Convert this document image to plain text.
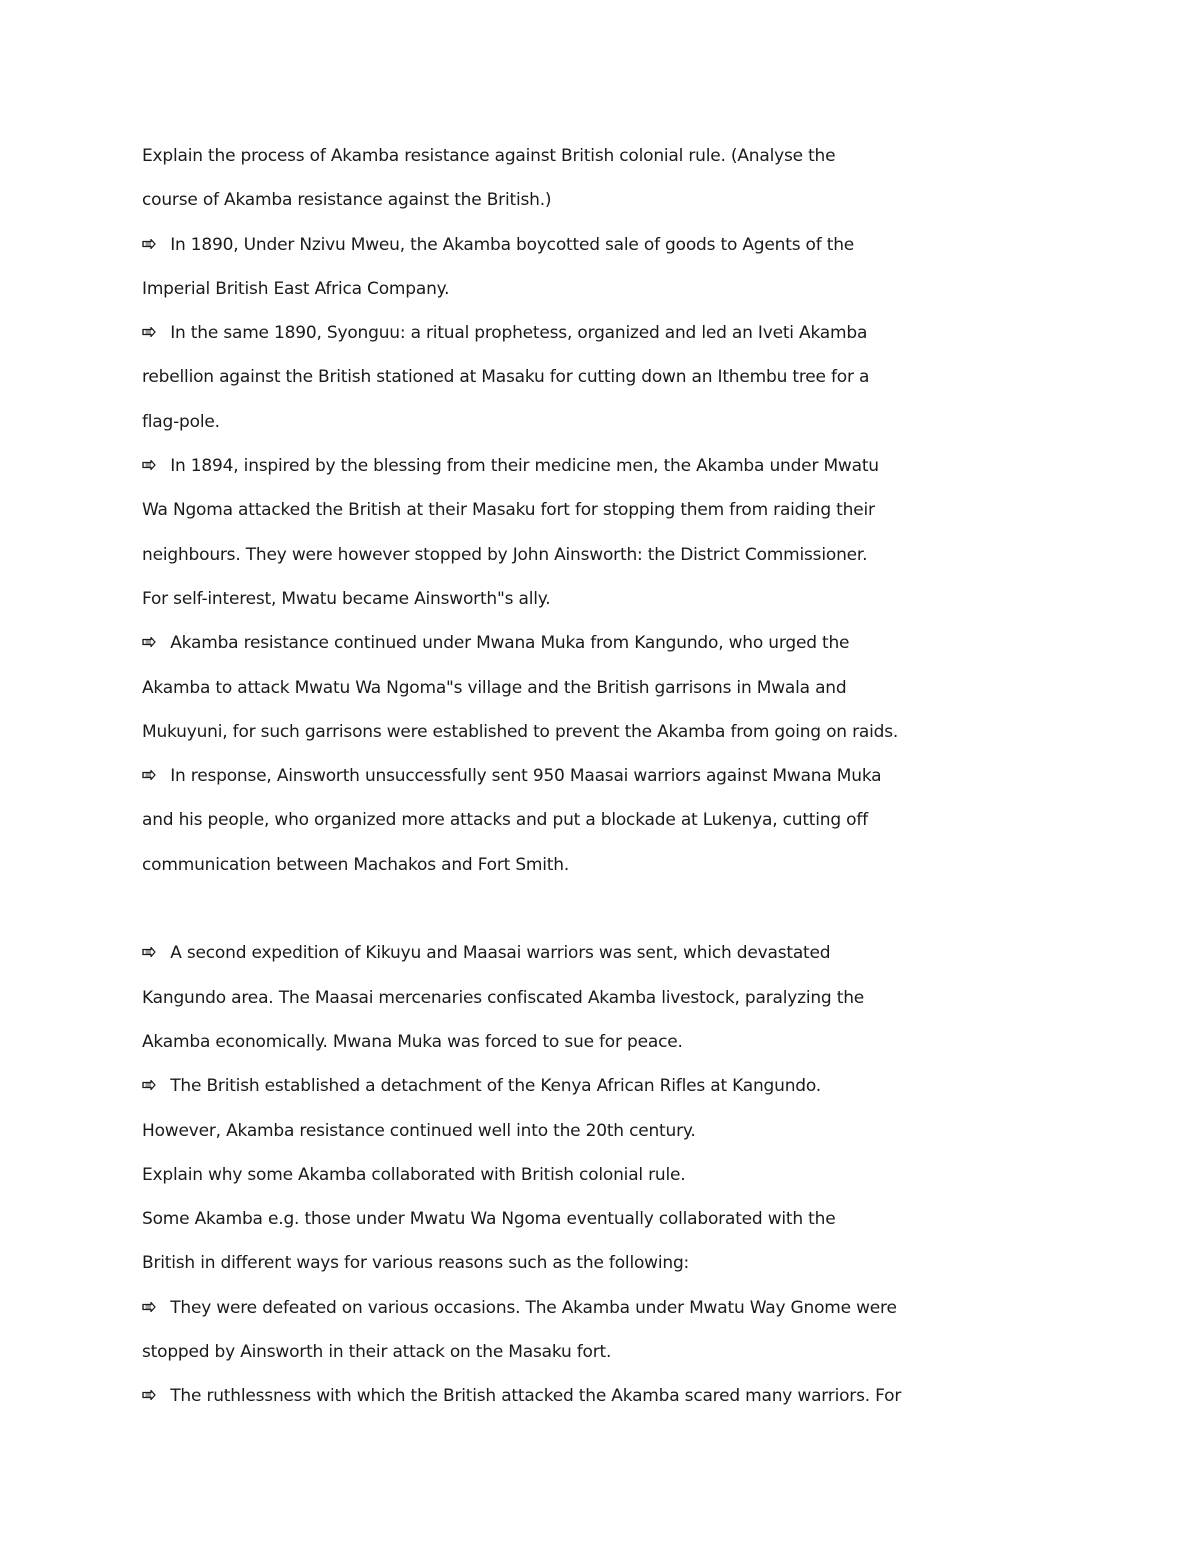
Explain the process of Akamba resistance against British colonial rule. (Analyse the
course of Akamba resistance against the British.)
In 1890, Under Nzivu Mweu, the Akamba boycotted sale of goods to Agents of the
Imperial British East Africa Company.
In the same 1890, Syonguu: a ritual prophetess, organized and led an Iveti Akamba
rebellion against the British stationed at Masaku for cutting down an Ithembu tree for a
flag-pole.
In 1894, inspired by the blessing from their medicine men, the Akamba under Mwatu
Wa Ngoma attacked the British at their Masaku fort for stopping them from raiding their
neighbours. They were however stopped by John Ainsworth: the District Commissioner.
For self-interest, Mwatu became Ainsworth"s ally.
Akamba resistance continued under Mwana Muka from Kangundo, who urged the
Akamba to attack Mwatu Wa Ngoma"s village and the British garrisons in Mwala and
Mukuyuni, for such garrisons were established to prevent the Akamba from going on raids.
In response, Ainsworth unsuccessfully sent 950 Maasai warriors against Mwana Muka
and his people, who organized more attacks and put a blockade at Lukenya, cutting off
communication between Machakos and Fort Smith.
A second expedition of Kikuyu and Maasai warriors was sent, which devastated
Kangundo area. The Maasai mercenaries confiscated Akamba livestock, paralyzing the
Akamba economically. Mwana Muka was forced to sue for peace.
The British established a detachment of the Kenya African Rifles at Kangundo.
However, Akamba resistance continued well into the 20th century.
Explain why some Akamba collaborated with British colonial rule.
Some Akamba e.g. those under Mwatu Wa Ngoma eventually collaborated with the
British in different ways for various reasons such as the following:
They were defeated on various occasions. The Akamba under Mwatu Way Gnome were
stopped by Ainsworth in their attack on the Masaku fort.
The ruthlessness with which the British attacked the Akamba scared many warriors. For
